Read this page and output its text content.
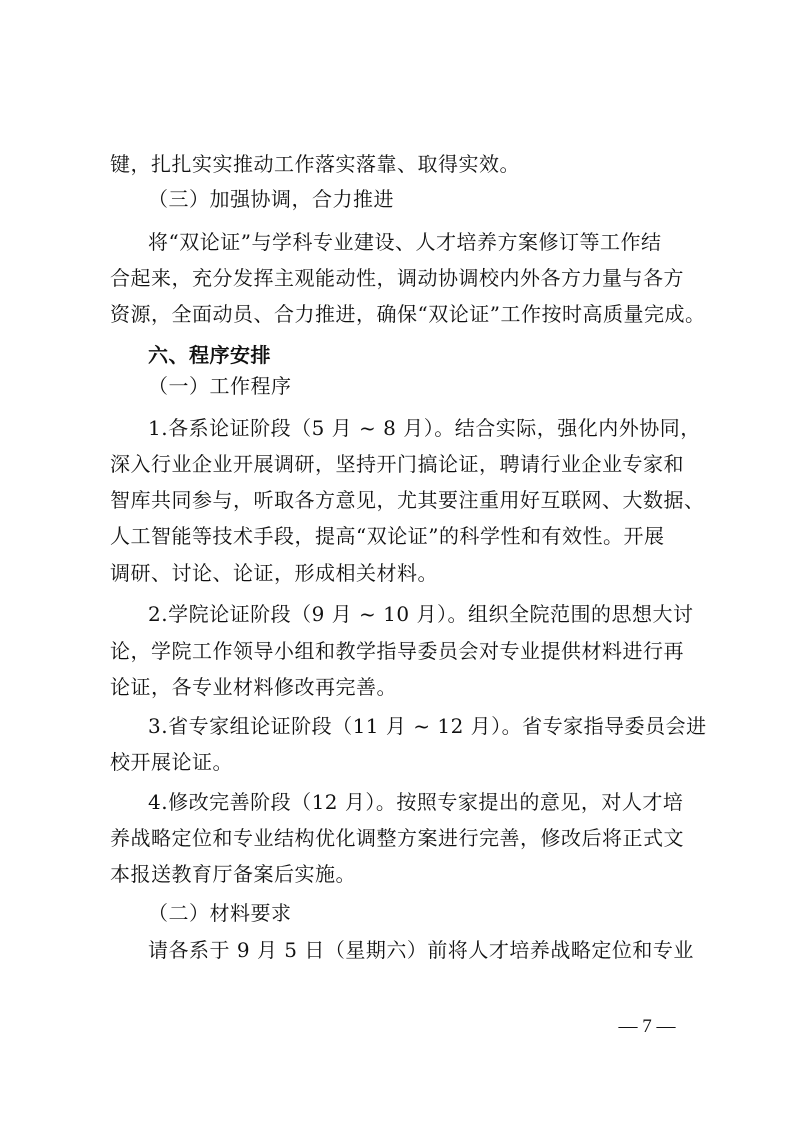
键，扎扎实实推动工作落实落靠、取得实效。
（三）加强协调，合力推进
将“双论证”与学科专业建设、人才培养方案修订等工作结
合起来，充分发挥主观能动性，调动协调校内外各方力量与各方
资源，全面动员、合力推进，确保“双论证”工作按时高质量完成。
六、程序安排
（一）工作程序
1.各系论证阶段（5 月 ~ 8 月）。结合实际，强化内外协同，
深入行业企业开展调研，坚持开门搞论证，聘请行业企业专家和
智库共同参与，听取各方意见，尤其要注重用好互联网、大数据、
人工智能等技术手段，提高“双论证”的科学性和有效性。开展
调研、讨论、论证，形成相关材料。
2.学院论证阶段（9 月 ~ 10 月）。组织全院范围的思想大讨
论，学院工作领导小组和教学指导委员会对专业提供材料进行再
论证，各专业材料修改再完善。
3.省专家组论证阶段（11 月 ~ 12 月）。省专家指导委员会进
校开展论证。
4.修改完善阶段（12 月）。按照专家提出的意见，对人才培
养战略定位和专业结构优化调整方案进行完善，修改后将正式文
本报送教育厅备案后实施。
（二）材料要求
请各系于 9 月 5 日（星期六）前将人才培养战略定位和专业
— 7 —
